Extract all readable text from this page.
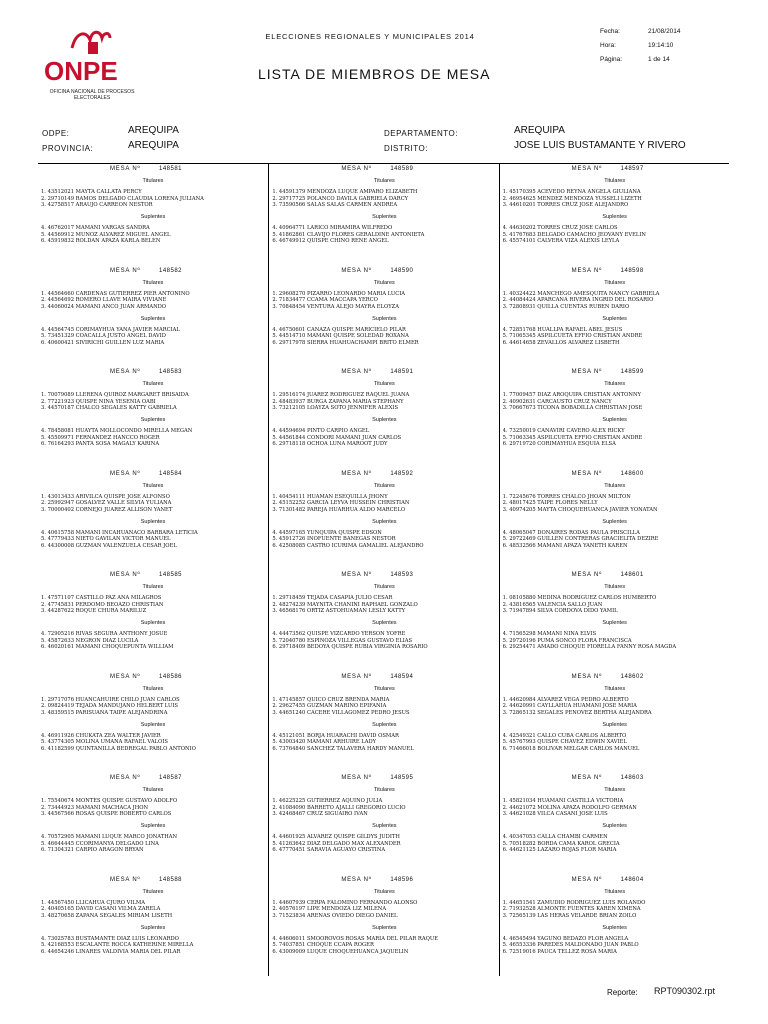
ONPE
OFICINA NACIONAL DE PROCESOS ELECTORALES
ELECCIONES REGIONALES Y MUNICIPALES 2014
LISTA DE MIEMBROS DE MESA
Fecha:	21/08/2014
Hora:	19:14:10
Página:	1 de 14
ODPE:	AREQUIPA
PROVINCIA:	AREQUIPA
DEPARTAMENTO:	AREQUIPA
DISTRITO:	JOSE LUIS BUSTAMANTE Y RIVERO
MESA Nº	148581
Titulares
1. 43512021 MAYTA CALLATA PERCY
2. 29710149 RAMOS DELGADO CLAUDIA LORENA JULIANA
3. 42758517 ARAUJO CARREON NESTOR
Suplentes
4. 46762017 MAMANI VARGAS SANDRA
5. 44569912 MUÑOZ ALVAREZ MIGUEL ANGEL
6. 45919832 ROLDAN APAZA KARLA BELEN
MESA Nº	148582
Titulares
1. 44564660 CARDENAS GUTIERREZ PIER ANTONINO
2. 44564692 ROMERO LLAVE MAIRA VIVIANE
3. 44060024 MAMANI ANCO JUAN ARMANDO
Suplentes
4. 44564745 CORIMAYHUA YANA JAVIER MARCIAL
5. 73451329 COACALLA JUSTO ANGEL DAVID
6. 40600421 SIVIRICHI GUILLEN LUZ MARIA
MESA Nº	148583
Titulares
1. 70079089 LLERENA QUIROZ MARGARET BRISAIDA
2. 77221923 QUISPE NINA YESENIA OABI
3. 44570187 CHALCO SEGALES KATTY GABRIELA
Suplentes
4. 78458081 HUAYTA MOLLOCONDO MIRELLA MEGAN
5. 45509971 FERNANDEZ HANCCO ROGER
6. 76164293 PANTA SOSA MAGALY KARINA
MESA Nº	148584
Titulares
1. 43013433 ARIVILCA QUISPE JOSE ALFONSO
2. 25992947 GOSALVEZ VALLE SILVIA YULIANA
3. 70000402 CORNEJO JUAREZ ALLISON YANET
Suplentes
4. 40615758 MAMANI INCAHUANACO BARBARA LETICIA
5. 47779433 NIETO GAVILAN VICTOR MANUEL
6. 44300008 GUZMAN VALENZUELA CESAR JOEL
MESA Nº	148585
Titulares
1. 47571107 CASTILLO PAZ ANA MILAGROS
2. 47745831 PERDOMO BEOAZO CHRISTIAN
3. 44287622 ROQUE CHURA MARILUZ
Suplentes
4. 72905216 RIVAS SEGURA ANTHONY JOSUE
5. 45872633 NEGRON DIAZ LUCILA
6. 46020161 MAMANI CHOQUEPUNTA WILLIAM
MESA Nº	148586
Titulares
1. 29717076 HUANCAHUIRE CHILO JUAN CARLOS
2. 09824419 TEJADA MANDUJANO HELBERT LUIS
3. 48359515 PARISUAÑA TAIPE ALEJANDRINA
Suplentes
4. 46911926 CHUKATA ZEA WALTER JAVIER
5. 43774305 MOLINA UMAÑA RAFAEL VALOIS
6. 41182599 QUINTANILLA BEDREGAL PABLO ANTONIO
MESA Nº	148587
Titulares
1. 75540674 MONTES QUISPE GUSTAVO ADOLFO
2. 73444923 MAMANI MACHACA JHON
3. 44567566 ROSAS QUISPE ROBERTO CARLOS
Suplentes
4. 70572905 MAMANI LUQUE MARCO JONATHAN
5. 46644445 CCORIMANYA DELGADO LINA
6. 71304321 CARPIO ARAGON BRYAN
MESA Nº	148588
Titulares
1. 44567450 LLICAHUA CJURO VILMA
2. 40405165 DAVID CASANI VILMA ZARELA
3. 48270658 ZAPANA SEGALES MIRIAM LISETH
Suplentes
4. 73025783 BUSTAMANTE DIAZ LUIS LEONARDO
5. 42168553 ESCALANTE ROCCA KATHERINE MIRELLA
6. 44654246 LINARES VALDIVIA MARIA DEL PILAR
MESA Nº	148589
Titulares
1. 44591379 MENDOZA LUQUE AMPARO ELIZABETH
2. 29717725 POLANCO DAVILA GABRIELA DARCY
3. 73590566 SALAS SALAS CARMEN ANDREA
Suplentes
4. 40964771 LARICO MIRAMIRA WILFREDO
5. 41862861 CLAVIJO FLORES GERALDINE ANTONIETA
6. 46749912 QUISPE CHINO RENE ANGEL
MESA Nº	148590
Titulares
1. 29608270 PIZARRO LEONARDO MARIA LUCIA
2. 71834477 CCAMA MACCAPA YERCO
3. 70848454 VENTURA ALEJO MAYRA ELOYZA
Suplentes
4. 46750601 CANAZA QUISPE MARICIELO PILAR
5. 44514710 MAMANI QUISPE SOLEDAD ROXANA
6. 29717978 SIERRA HUAHUACHAMPI BRITO ELMER
MESA Nº	148591
Titulares
1. 29516174 JUAREZ RODRIGUEZ RAQUEL JUANA
2. 48483937 BURGA ZAPANA MARIA STEPHANY
3. 73212105 LOAYZA SOTO JENNIFER ALEXIS
Suplentes
4. 44594694 PINTO CARPIO ANGEL
5. 44561844 CONDORI MAMANI JUAN CARLOS
6. 29718118 OCHOA LUNA MAROOT JUDY
MESA Nº	148592
Titulares
1. 40454111 HUAMAN ESEQUILLA JHONY
2. 45152252 GARCIA LEYVA HUSSEIN CHRISTIAN
3. 71301482 PAREJA HUARHUA ALDO MARCELO
Suplentes
4. 44597165 YUNQUIPA QUISPE EDSON
5. 45912726 INOFUENTE BANEGAS NESTOR
6. 42508085 CASTRO ICURIMA GAMALIEL ALEJANDRO
MESA Nº	148593
Titulares
1. 29718459 TEJADA CASAPIA JULIO CESAR
2. 48274239 MAYNITA CHANINI RAPHAEL GONZALO
3. 46568176 ORTIZ ASTOHUAMAN LESLY KATTY
Suplentes
4. 44473562 QUISPE VIZCARDO YERSON YOFRE
5. 72040780 ESPINOZA VILLEGAS GUSTAVO ELIAS
6. 29718409 BEDOYA QUISPE RUBIA VIRGINIA ROSARIO
MESA Nº	148594
Titulares
1. 47145857 QUICO CRUZ BRENDA MARIA
2. 29627455 GUZMAN MARIÑO EPIFANIA
3. 44651240 CACERE VILLAGOMEZ PEDRO JESUS
Suplentes
4. 45121051 BORJA HUARACHI DAVID OSMAR
5. 43003420 MAMANI ARHUIRE LADY
6. 73764840 SANCHEZ TALAVERA HARDY MANUEL
MESA Nº	148595
Titulares
1. 46225225 GUTIERREZ AQUINO JULIA
2. 41084090 BARRETO AJALLI GREGORIO LUCIO
3. 42468467 CRUZ SIGUAIRO IVAN
Suplentes
4. 44601925 ALVAREZ QUISPE GILDYS JUDITH
5. 41263642 DIAZ DELGADO MAX ALEXANDER
6. 47770451 SARAVIA AGUAYO CRISTINA
MESA Nº	148596
Titulares
1. 44607939 CERPA FALOMINO FERNANDO ALONSO
2. 40576197 LIPE MENDOZA LIZ MILENA
3. 71523834 ARENAS OVIEDO DIEGO DANIEL
Suplentes
4. 44606011 SMOOROVOS ROSAS MARIA DEL PILAR RAQUE
5. 74037851 CHOQUE CCAPA ROGER
6. 43009009 LUQUE CHOQUEHUANCA JAQUELIN
MESA Nº	148597
Titulares
1. 45170395 ACEVEDO REYNA ANGELA GIULIANA
2. 46954625 MENDEZ MENDOZA YUSSELI LIZETH
3. 44610201 TORRES CRUZ JOSE ALEJANDRO
Suplentes
4. 44630202 TORRES CRUZ JOSE CARLOS
5. 41767683 DELGADO CAMACHO JEOVANY EVELIN
6. 45574101 CALVERA VIZA ALEXIS LEYLA
MESA Nº	148598
Titulares
1. 40324422 MANCHEGO AMESQUITA NANCY GABRIELA
2. 44084424 APARCANA RIVERA INGRID DEL ROSARIO
3. 72808931 QUILLA CUENTAS RUBEN DARIO
Suplentes
4. 72851768 HUALLPA RAFAEL ABEL JESUS
5. 71065345 ASPILCUETA EFFIO CRISTIAN ANDRE
6. 44614658 ZEVALLOS ALVAREZ LISBETH
MESA Nº	148599
Titulares
1. 77009457 DIAZ AROQUIPA CRISTIAN ANTONNY
2. 40902631 CARCAUSTO CRUZ NANCY
3. 70667673 TICONA BOBADILLA CHRISTIAN JOSE
Suplentes
4. 73250019 CANAVIRI CAVERO ALEX RICKY
5. 71063345 ASPILCUETA EFFIO CRISTIAN ANDRE
6. 29719720 CORIMAYHUA ESQUIA ELSA
MESA Nº	148600
Titulares
1. 72245676 TORRES CHALCO JHOAN MILTON
2. 48017425 TAIPE FLORES NELLY
3. 40974205 MAYTA CHOQUEHUANCA JAVIER YONATAN
Suplentes
4. 48065047 DONAIRES RODAS PAULA PRISCILLA
5. 29722469 GUILLEN CONTRERAS GRACIELITA DEZIRE
6. 48532566 MAMANI APAZA YANETH KAREN
MESA Nº	148601
Titulares
1. 08105880 MEDINA RODRIGUEZ CARLOS HUMBERTO
2. 43816565 VALENCIA SALLO JUAN
3. 71947894 SILVA CORDOVA DIDO YAMIL
Suplentes
4. 71565298 MAMANI NINA ELVIS
5. 29720196 PUMA SONCO FLORA FRANCISCA
6. 29254471 AMADO CHOQUE FIORELLA FANNY ROSA MAGDA
MESA Nº	148602
Titulares
1. 44620984 ALVAREZ VEGA PEDRO ALBERTO
2. 44620991 CAYLLAHUA HUAMANI JOSE MARIA
3. 72865132 SEGALES PEÑOVEZ BERTHA ALEJANDRA
Suplentes
4. 42549321 CALLO CUBA CARLOS ALBERTO
5. 45767993 QUISPE CHAVEZ EDWIN XAVIEL
6. 71466018 BOLIVAR MELGAR CARLOS MANUEL
MESA Nº	148603
Titulares
1. 45821034 HUAMANI CASTILLA VICTORIA
2. 44621072 MOLINA APAZA RODOLFO GERMAN
3. 44621028 VILCA CASANI JOSE LUIS
Suplentes
4. 40347053 CALLA CHAMBI CARMEN
5. 70518282 BORDA CAMA KAROL GRECIA
6. 44621125 LAZARO ROJAS FLOR MARIA
MESA Nº	148604
Titulares
1. 44651541 ZAMUDIO RODRIGUEZ LUIS ROLANDO
2. 71932528 ALMONTE FUENTES KAREN XIMENA
3. 72565139 LAS HERAS VELARDE BRIAN ZOILO
Suplentes
4. 46545494 YAGUNO BEDAZO FLOR ANGELA
5. 46553336 PAREDES MALDONADO JUAN PABLO
6. 72519016 PAUCA TELLEZ ROSA MARIA
Reporte: RPT090302.rpt
